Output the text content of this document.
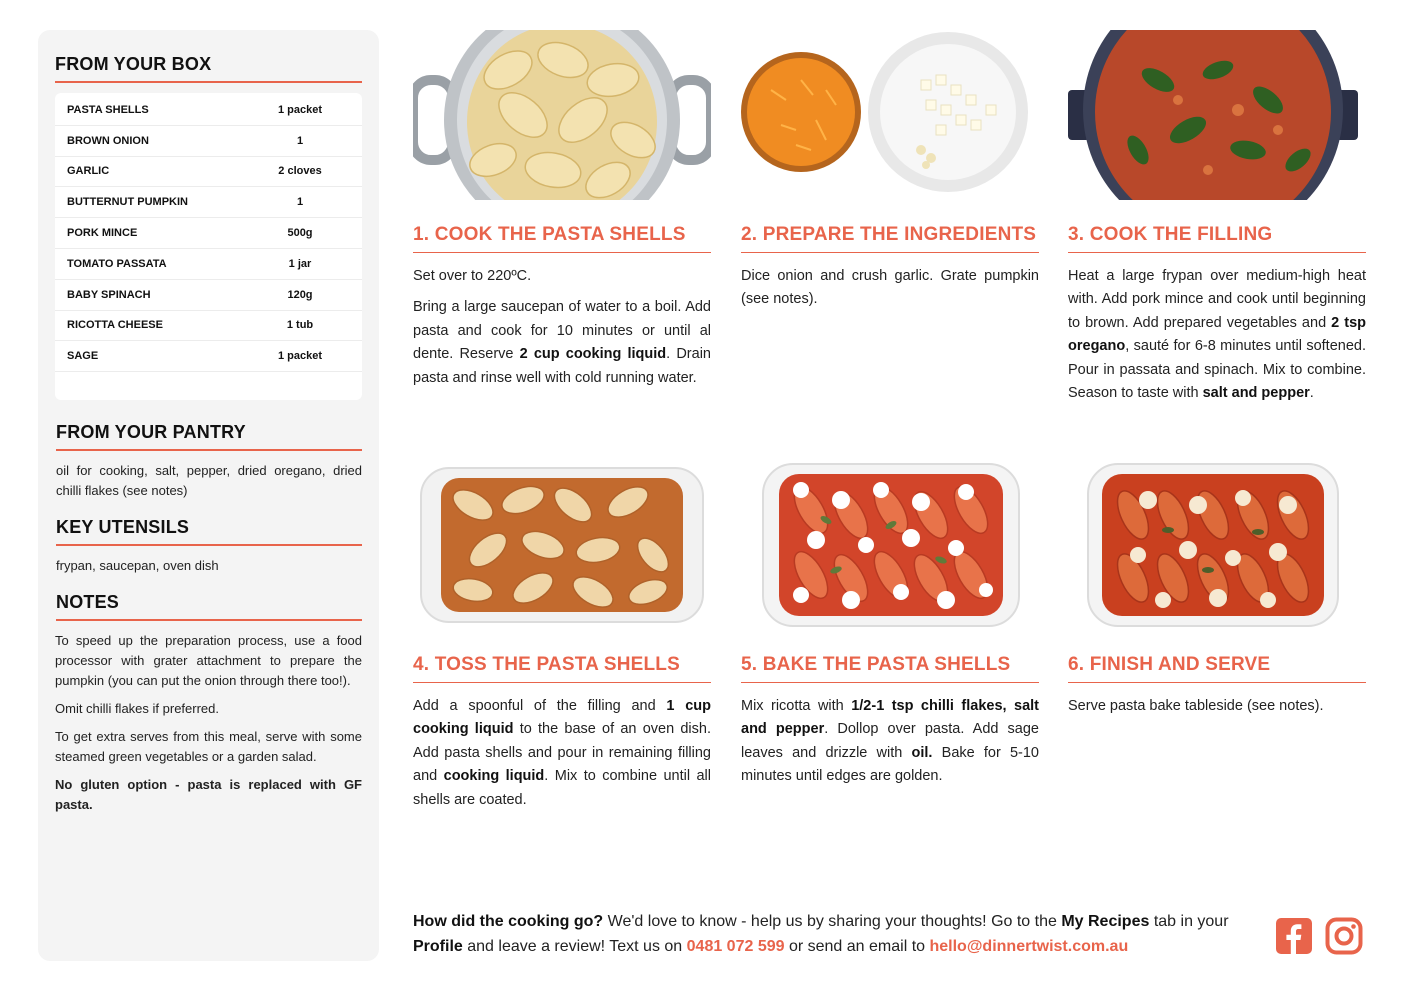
FROM YOUR BOX
PASTA SHELLS	1 packet
BROWN ONION	1
GARLIC	2 cloves
BUTTERNUT PUMPKIN	1
PORK MINCE	500g
TOMATO PASSATA	1 jar
BABY SPINACH	120g
RICOTTA CHEESE	1 tub
SAGE	1 packet
FROM YOUR PANTRY

oil for cooking, salt, pepper, dried oregano, dried chilli flakes (see notes)

KEY UTENSILS

frypan, saucepan, oven dish

NOTES

To speed up the preparation process, use a food processor with grater attachment to prepare the pumpkin (you can put the onion through there too!).

Omit chilli flakes if preferred.

To get extra serves from this meal, serve with some steamed green vegetables or a garden salad.

No gluten option - pasta is replaced with GF pasta.

1. COOK THE PASTA SHELLS

Set over to 220ºC.

Bring a large saucepan of water to a boil. Add pasta and cook for 10 minutes or until al dente. Reserve 2 cup cooking liquid. Drain pasta and rinse well with cold running water.

2. PREPARE THE INGREDIENTS

Dice onion and crush garlic. Grate pumpkin (see notes).

3. COOK THE FILLING

Heat a large frypan over medium-high heat with. Add pork mince and cook until beginning to brown. Add prepared vegetables and 2 tsp oregano, sauté for 6-8 minutes until softened. Pour in passata and spinach. Mix to combine. Season to taste with salt and pepper.

4. TOSS THE PASTA SHELLS

Add a spoonful of the filling and 1 cup cooking liquid to the base of an oven dish. Add pasta shells and pour in remaining filling and cooking liquid. Mix to combine until all shells are coated.

5. BAKE THE PASTA SHELLS

Mix ricotta with 1/2-1 tsp chilli flakes, salt and pepper. Dollop over pasta. Add sage leaves and drizzle with oil. Bake for 5-10 minutes until edges are golden.

6. FINISH AND SERVE

Serve pasta bake tableside (see notes).

How did the cooking go? We'd love to know - help us by sharing your thoughts! Go to the My Recipes tab in your Profile and leave a review! Text us on 0481 072 599 or send an email to hello@dinnertwist.com.au
